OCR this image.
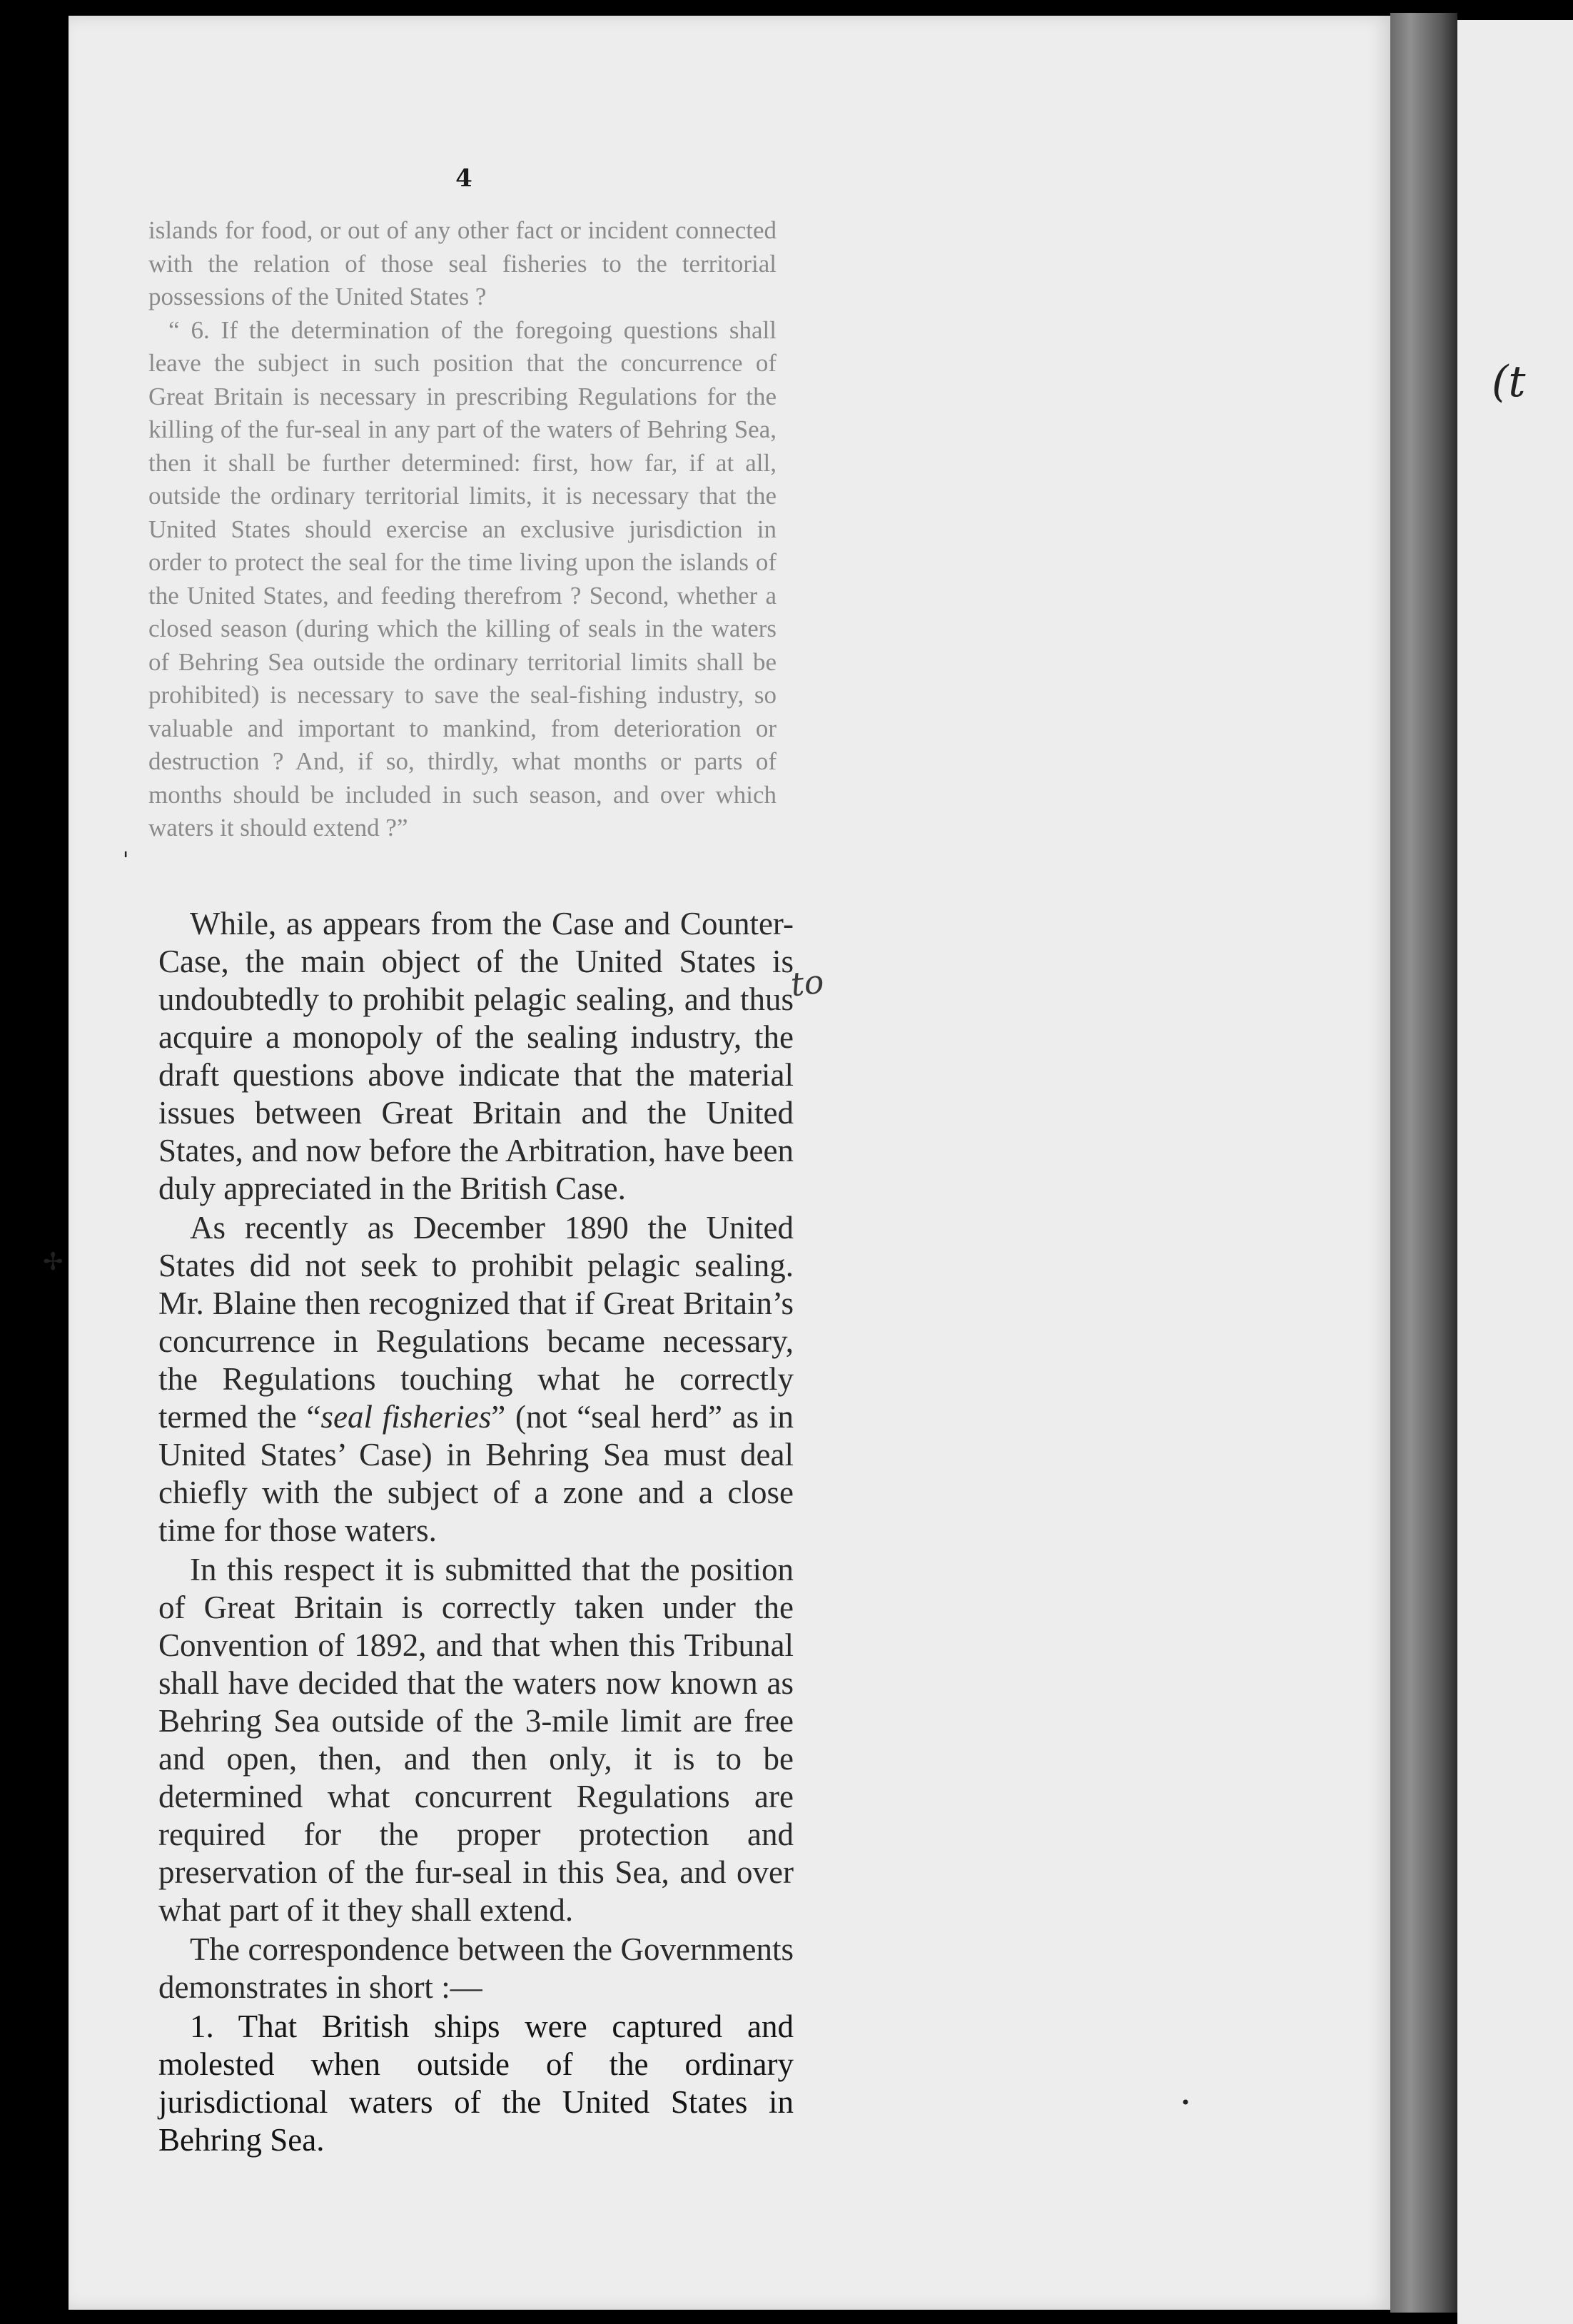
(t
4

islands for food, or out of any other fact or incident connected with the relation of those seal fisheries to the territorial possessions of the United States ?

“ 6. If the determination of the foregoing questions shall leave the subject in such position that the concurrence of Great Britain is necessary in prescribing Regulations for the killing of the fur-seal in any part of the waters of Behring Sea, then it shall be further determined: first, how far, if at all, outside the ordinary territorial limits, it is necessary that the United States should exercise an exclusive jurisdiction in order to protect the seal for the time living upon the islands of the United States, and feeding therefrom ? Second, whether a closed season (during which the killing of seals in the waters of Behring Sea outside the ordinary territorial limits shall be prohibited) is necessary to save the seal-fishing industry, so valuable and important to mankind, from deterioration or destruction ? And, if so, thirdly, what months or parts of months should be included in such season, and over which waters it should extend ?”

While, as appears from the Case and Counter-Case, the main object of the United States is undoubtedly to prohibit pelagic sealing, and thus acquire a monopoly of the sealing industry, the draft questions above indicate that the material issues between Great Britain and the United States, and now before the Arbitration, have been duly appreciated in the British Case.

As recently as December 1890 the United States did not seek to prohibit pelagic sealing. Mr. Blaine then recognized that if Great Britain’s concurrence in Regulations became necessary, the Regulations touching what he correctly termed the “seal fisheries” (not “seal herd” as in United States’ Case) in Behring Sea must deal chiefly with the subject of a zone and a close time for those waters.

In this respect it is submitted that the position of Great Britain is correctly taken under the Convention of 1892, and that when this Tribunal shall have decided that the waters now known as Behring Sea outside of the 3-mile limit are free and open, then, and then only, it is to be determined what concurrent Regulations are required for the proper protection and preservation of the fur-seal in this Sea, and over what part of it they shall extend.

The correspondence between the Governments demonstrates in short :—

1. That British ships were captured and molested when outside of the ordinary jurisdictional waters of the United States in Behring Sea.

to
'
✢
•
